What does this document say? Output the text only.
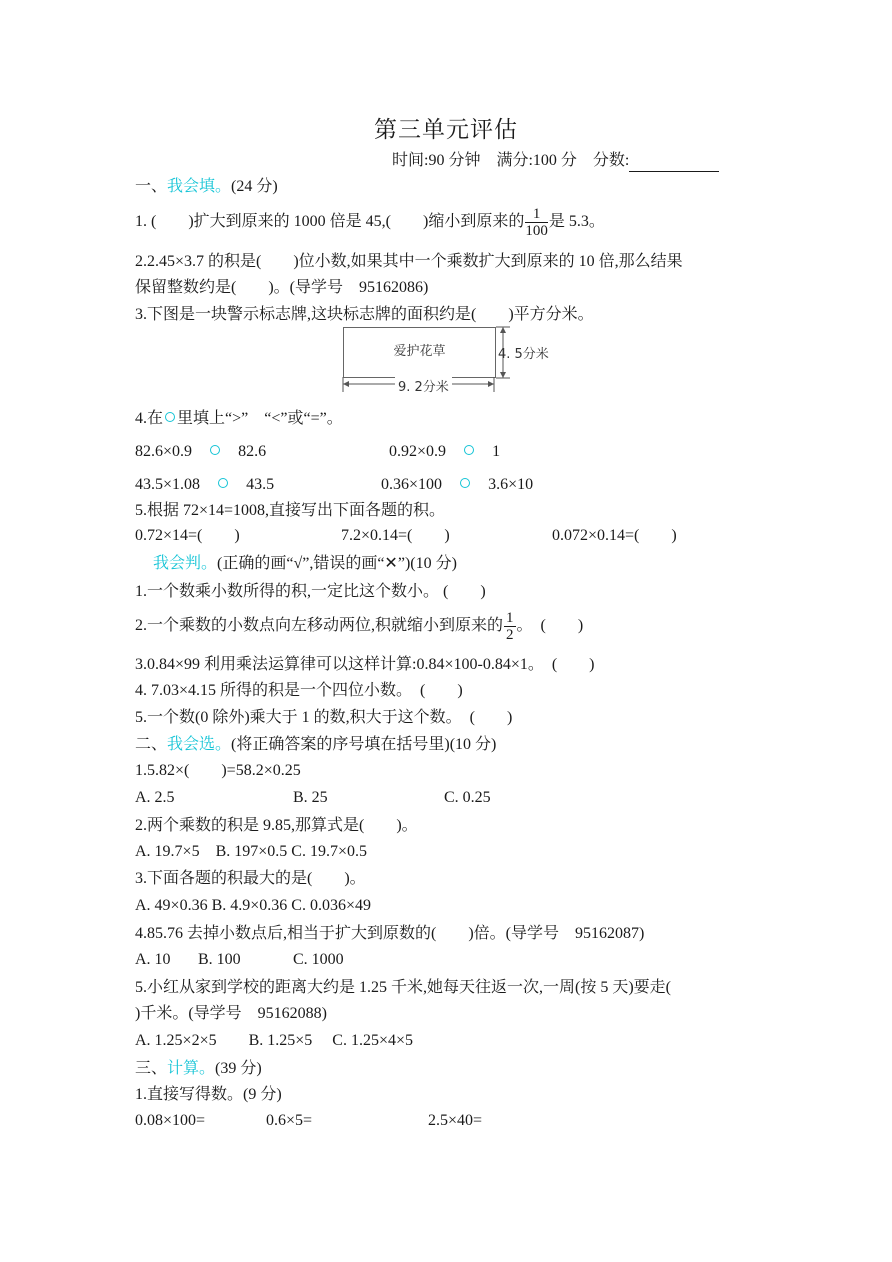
第三单元评估
时间:90 分钟　满分:100 分　分数:
一、我会填。(24 分)
1. (　　)扩大到原来的 1000 倍是 45,(　　)缩小到原来的 $\frac{1}{100}$ 是 5.3。
2.2.45×3.7 的积是(　　)位小数,如果其中一个乘数扩大到原来的 10 倍,那么结果
保留整数约是(　　)。(导学号　95162086)
3.下图是一块警示标志牌,这块标志牌的面积约是(　　)平方分米。
爱护花草	4. 5分米
9. 2分米
4.在 里填上“>”　“<”或“=”。
82.6×0.9　　	82.6	0.92×0.9　　	1
43.5×1.08　　	43.5	0.36×100　　	3.6×10
5.根据 72×14=1008,直接写出下面各题的积。
0.72×14=(　　)	7.2×0.14=(　　)	0.072×0.14=(　　)
我会判。(正确的画“√”,错误的画“✕”)(10 分)
1.一个数乘小数所得的积,一定比这个数小。 (　　)
2.一个乘数的小数点向左移动两位,积就缩小到原来的 $\frac{1}{2}$ 。　(　　)
3.0.84×99 利用乘法运算律可以这样计算:0.84×100-0.84×1。　(　　)
4. 7.03×4.15 所得的积是一个四位小数。　(　　)
5.一个数(0 除外)乘大于 1 的数,积大于这个数。　(　　)
二、我会选。(将正确答案的序号填在括号里)(10 分)
1.5.82×(　　)=58.2×0.25
A. 2.5	B. 25	C. 0.25
2.两个乘数的积是 9.85,那算式是(　　)。
A. 19.7×5　B. 197×0.5 C. 19.7×0.5
3.下面各题的积最大的是(　　)。
A. 49×0.36 B. 4.9×0.36 C. 0.036×49
4.85.76 去掉小数点后,相当于扩大到原数的(　　)倍。(导学号　95162087)
A. 10 B. 100	C. 1000
5.小红从家到学校的距离大约是 1.25 千米,她每天往返一次,一周(按 5 天)要走(
)千米。(导学号　95162088)
A. 1.25×2×5　　B. 1.25×5　 C. 1.25×4×5
三、计算。(39 分)
1.直接写得数。(9 分)
0.08×100=	0.6×5=	2.5×40=
